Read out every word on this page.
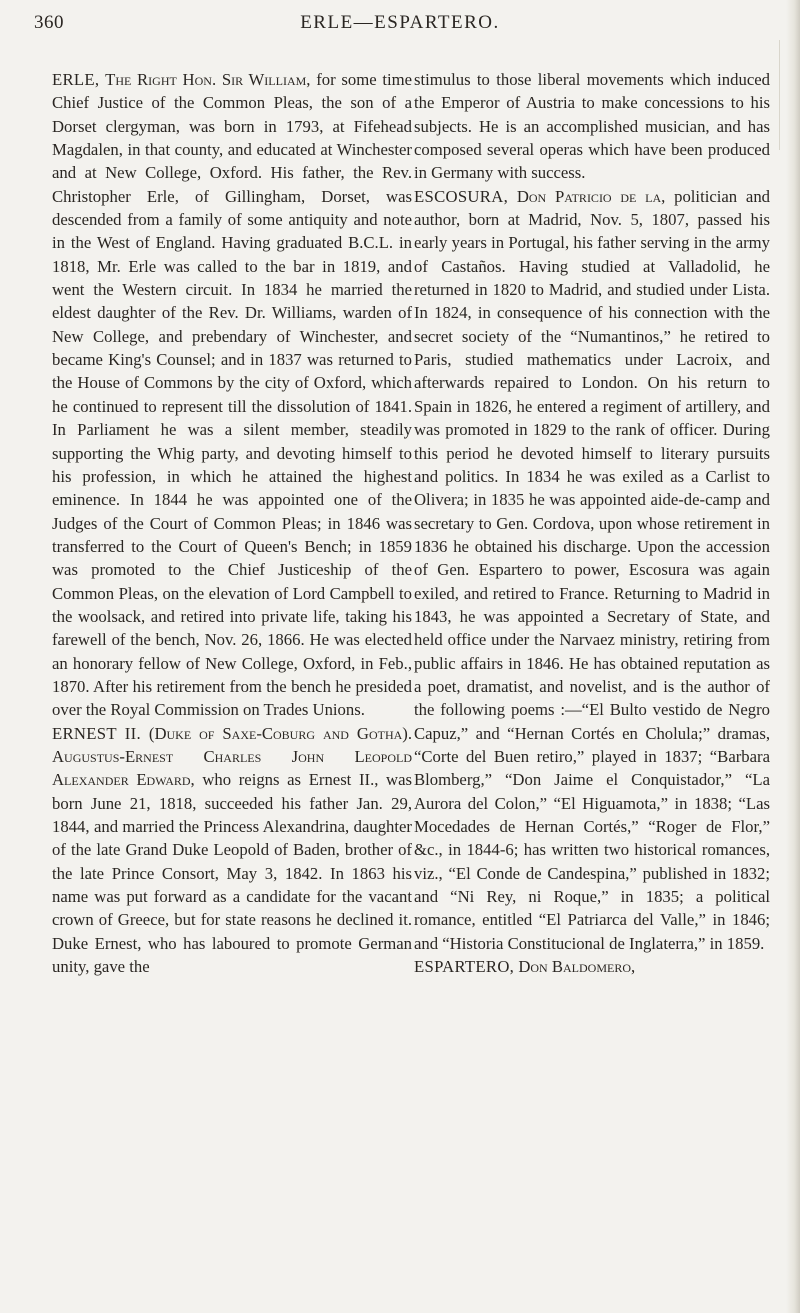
360	ERLE—ESPARTERO.

ERLE, The Right Hon. Sir William, for some time Chief Justice of the Common Pleas, the son of a Dorset clergyman, was born in 1793, at Fifehead Magdalen, in that county, and educated at Winchester and at New College, Oxford. His father, the Rev. Christopher Erle, of Gillingham, Dorset, was descended from a family of some antiquity and note in the West of England. Having graduated B.C.L. in 1818, Mr. Erle was called to the bar in 1819, and went the Western circuit. In 1834 he married the eldest daughter of the Rev. Dr. Williams, warden of New College, and prebendary of Winchester, and became King's Counsel; and in 1837 was returned to the House of Commons by the city of Oxford, which he continued to represent till the dissolution of 1841. In Parliament he was a silent member, steadily supporting the Whig party, and devoting himself to his profession, in which he attained the highest eminence. In 1844 he was appointed one of the Judges of the Court of Common Pleas; in 1846 was transferred to the Court of Queen's Bench; in 1859 was promoted to the Chief Justiceship of the Common Pleas, on the elevation of Lord Campbell to the woolsack, and retired into private life, taking his farewell of the bench, Nov. 26, 1866. He was elected an honorary fellow of New College, Oxford, in Feb., 1870. After his retirement from the bench he presided over the Royal Commission on Trades Unions.

ERNEST II. (Duke of Saxe-Coburg and Gotha). Augustus-Ernest Charles John Leopold Alexander Edward, who reigns as Ernest II., was born June 21, 1818, succeeded his father Jan. 29, 1844, and married the Princess Alexandrina, daughter of the late Grand Duke Leopold of Baden, brother of the late Prince Consort, May 3, 1842. In 1863 his name was put forward as a candidate for the vacant crown of Greece, but for state reasons he declined it. Duke Ernest, who has laboured to promote German unity, gave the

stimulus to those liberal movements which induced the Emperor of Austria to make concessions to his subjects. He is an accomplished musician, and has composed several operas which have been produced in Germany with success.

ESCOSURA, Don Patricio de la, politician and author, born at Madrid, Nov. 5, 1807, passed his early years in Portugal, his father serving in the army of Castaños. Having studied at Valladolid, he returned in 1820 to Madrid, and studied under Lista. In 1824, in consequence of his connection with the secret society of the “Numantinos,” he retired to Paris, studied mathematics under Lacroix, and afterwards repaired to London. On his return to Spain in 1826, he entered a regiment of artillery, and was promoted in 1829 to the rank of officer. During this period he devoted himself to literary pursuits and politics. In 1834 he was exiled as a Carlist to Olivera; in 1835 he was appointed aide-de-camp and secretary to Gen. Cordova, upon whose retirement in 1836 he obtained his discharge. Upon the accession of Gen. Espartero to power, Escosura was again exiled, and retired to France. Returning to Madrid in 1843, he was appointed a Secretary of State, and held office under the Narvaez ministry, retiring from public affairs in 1846. He has obtained reputation as a poet, dramatist, and novelist, and is the author of the following poems :—“El Bulto vestido de Negro Capuz,” and “Hernan Cortés en Cholula;” dramas, “Corte del Buen retiro,” played in 1837; “Barbara Blomberg,” “Don Jaime el Conquistador,” “La Aurora del Colon,” “El Higuamota,” in 1838; “Las Mocedades de Hernan Cortés,” “Roger de Flor,” &c., in 1844-6; has written two historical romances, viz., “El Conde de Candespina,” published in 1832; and “Ni Rey, ni Roque,” in 1835; a political romance, entitled “El Patriarca del Valle,” in 1846; and “Historia Constitucional de Inglaterra,” in 1859.

ESPARTERO, Don Baldomero,
